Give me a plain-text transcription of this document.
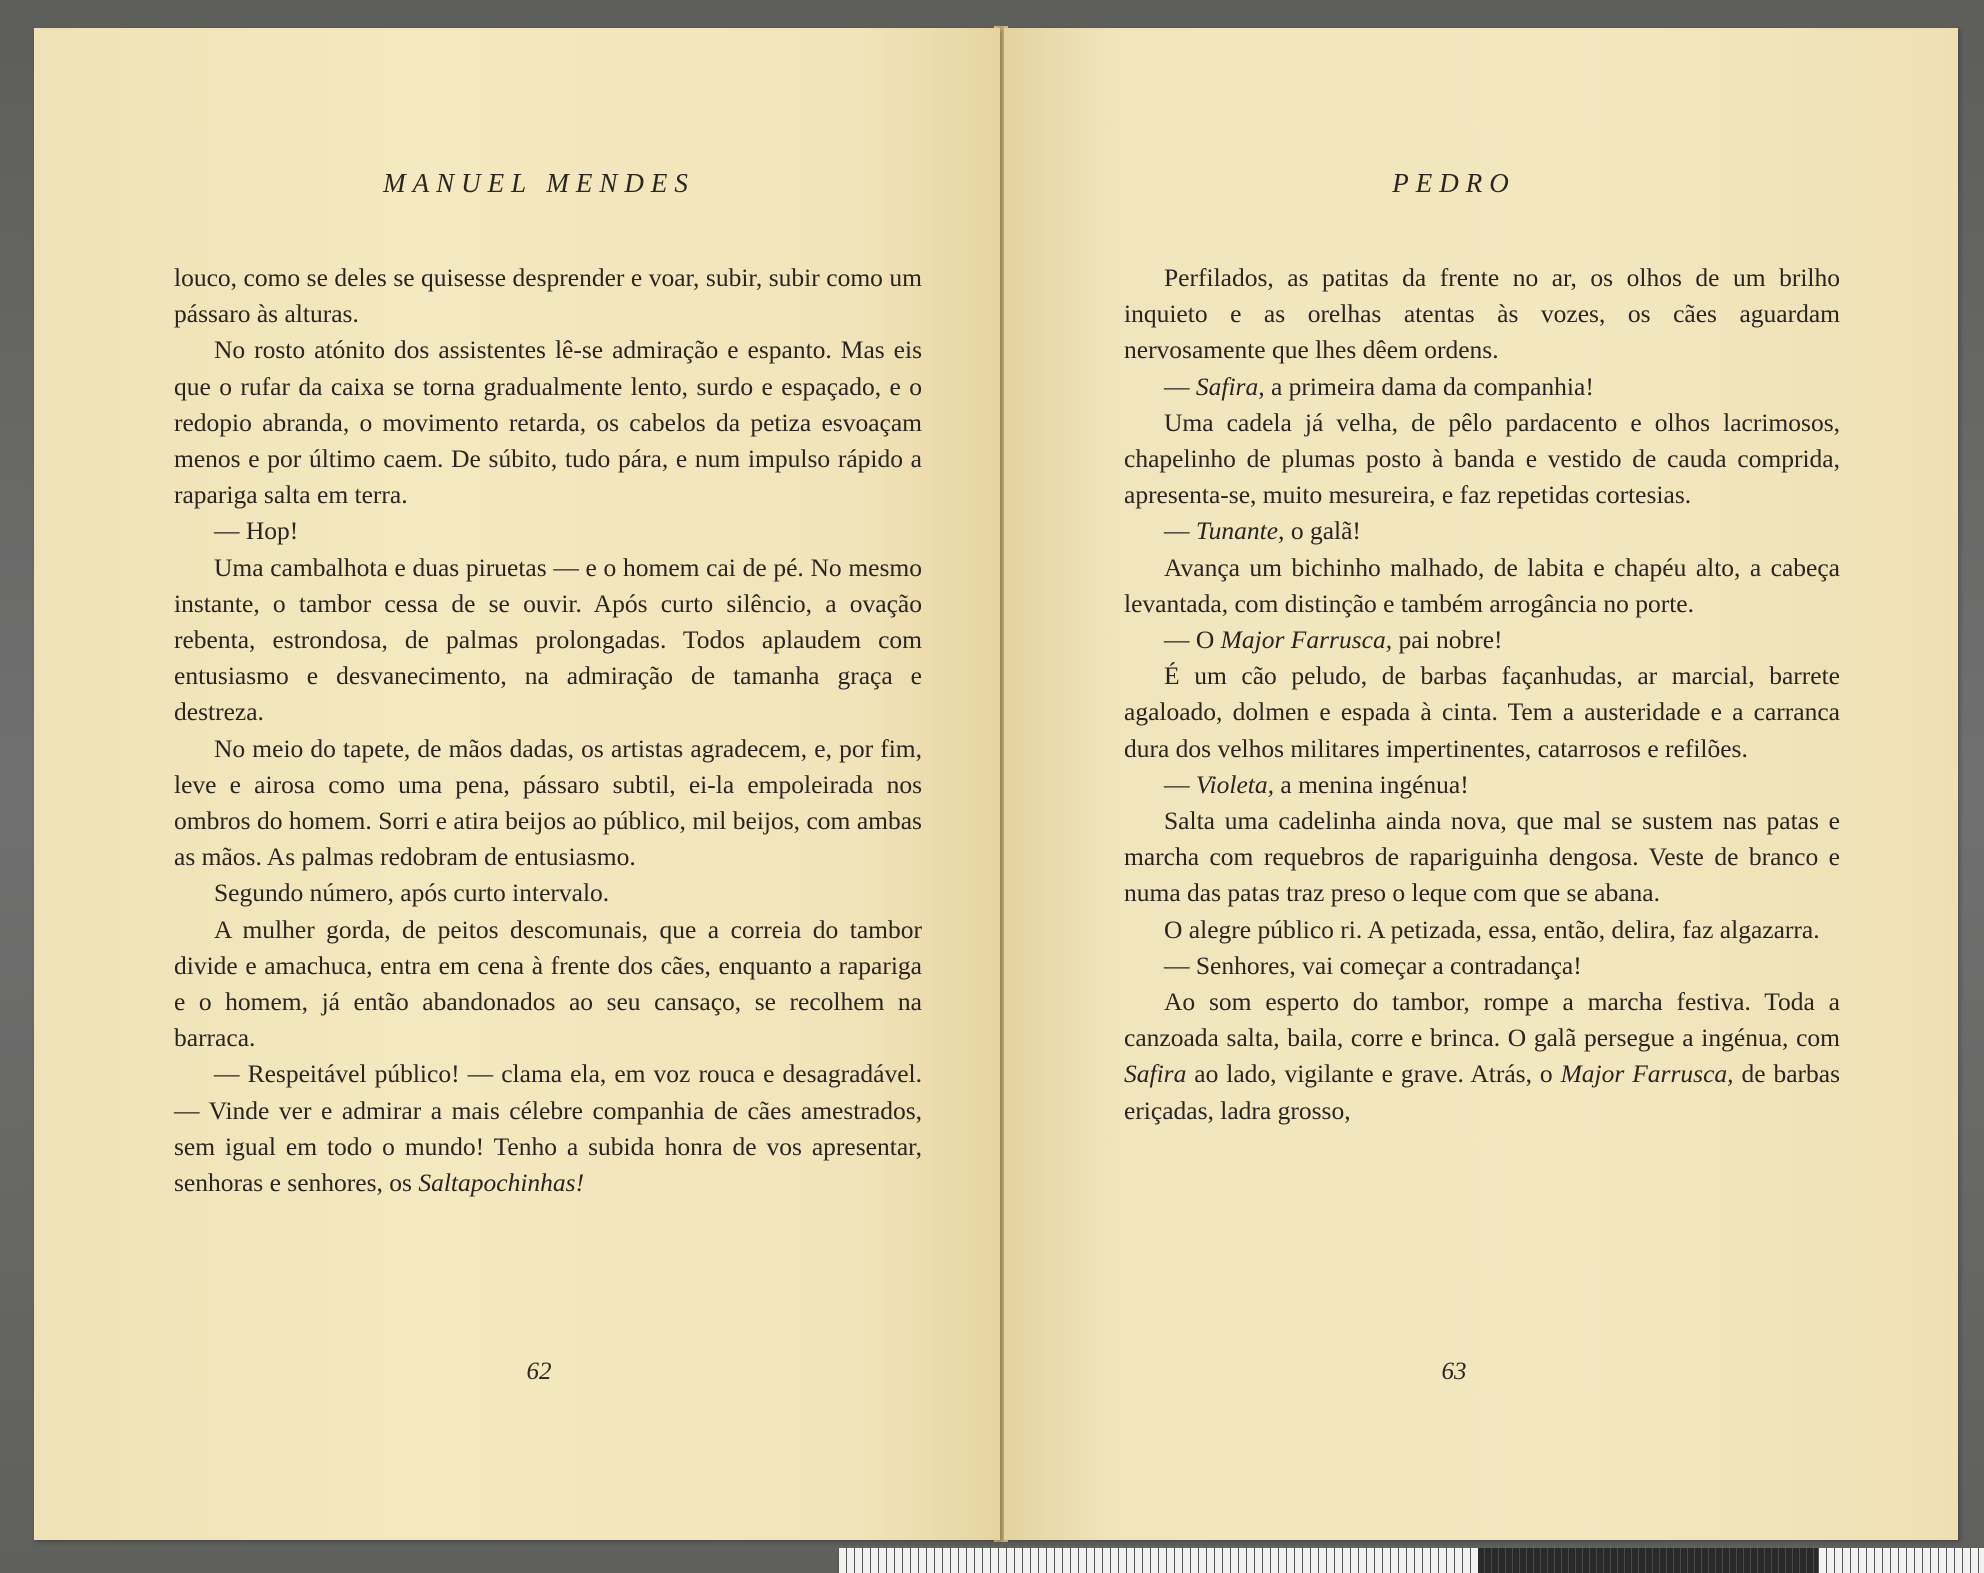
MANUEL MENDES

louco, como se deles se quisesse desprender e voar, subir, subir como um pássaro às alturas.

No rosto atónito dos assistentes lê-se admiração e espanto. Mas eis que o rufar da caixa se torna gradualmente lento, surdo e espaçado, e o redopio abranda, o movimento retarda, os cabelos da petiza esvoaçam menos e por último caem. De súbito, tudo pára, e num impulso rápido a rapariga salta em terra.

— Hop!

Uma cambalhota e duas piruetas — e o homem cai de pé. No mesmo instante, o tambor cessa de se ouvir. Após curto silêncio, a ovação rebenta, estrondosa, de palmas prolongadas. Todos aplaudem com entusiasmo e desvanecimento, na admiração de tamanha graça e destreza.

No meio do tapete, de mãos dadas, os artistas agradecem, e, por fim, leve e airosa como uma pena, pássaro subtil, ei-la empoleirada nos ombros do homem. Sorri e atira beijos ao público, mil beijos, com ambas as mãos. As palmas redobram de entusiasmo.

Segundo número, após curto intervalo.

A mulher gorda, de peitos descomunais, que a correia do tambor divide e amachuca, entra em cena à frente dos cães, enquanto a rapariga e o homem, já então abandonados ao seu cansaço, se recolhem na barraca.

— Respeitável público! — clama ela, em voz rouca e desagradável. — Vinde ver e admirar a mais célebre companhia de cães amestrados, sem igual em todo o mundo! Tenho a subida honra de vos apresentar, senhoras e senhores, os Saltapochinhas!

62
PEDRO

Perfilados, as patitas da frente no ar, os olhos de um brilho inquieto e as orelhas atentas às vozes, os cães aguardam nervosamente que lhes dêem ordens.

— Safira, a primeira dama da companhia!

Uma cadela já velha, de pêlo pardacento e olhos lacrimosos, chapelinho de plumas posto à banda e vestido de cauda comprida, apresenta-se, muito mesureira, e faz repetidas cortesias.

— Tunante, o galã!

Avança um bichinho malhado, de labita e chapéu alto, a cabeça levantada, com distinção e também arrogância no porte.

— O Major Farrusca, pai nobre!

É um cão peludo, de barbas façanhudas, ar marcial, barrete agaloado, dolmen e espada à cinta. Tem a austeridade e a carranca dura dos velhos militares impertinentes, catarrosos e refilões.

— Violeta, a menina ingénua!

Salta uma cadelinha ainda nova, que mal se sustem nas patas e marcha com requebros de rapariguinha dengosa. Veste de branco e numa das patas traz preso o leque com que se abana.

O alegre público ri. A petizada, essa, então, delira, faz algazarra.

— Senhores, vai começar a contradança!

Ao som esperto do tambor, rompe a marcha festiva. Toda a canzoada salta, baila, corre e brinca. O galã persegue a ingénua, com Safira ao lado, vigilante e grave. Atrás, o Major Farrusca, de barbas eriçadas, ladra grosso,

63
